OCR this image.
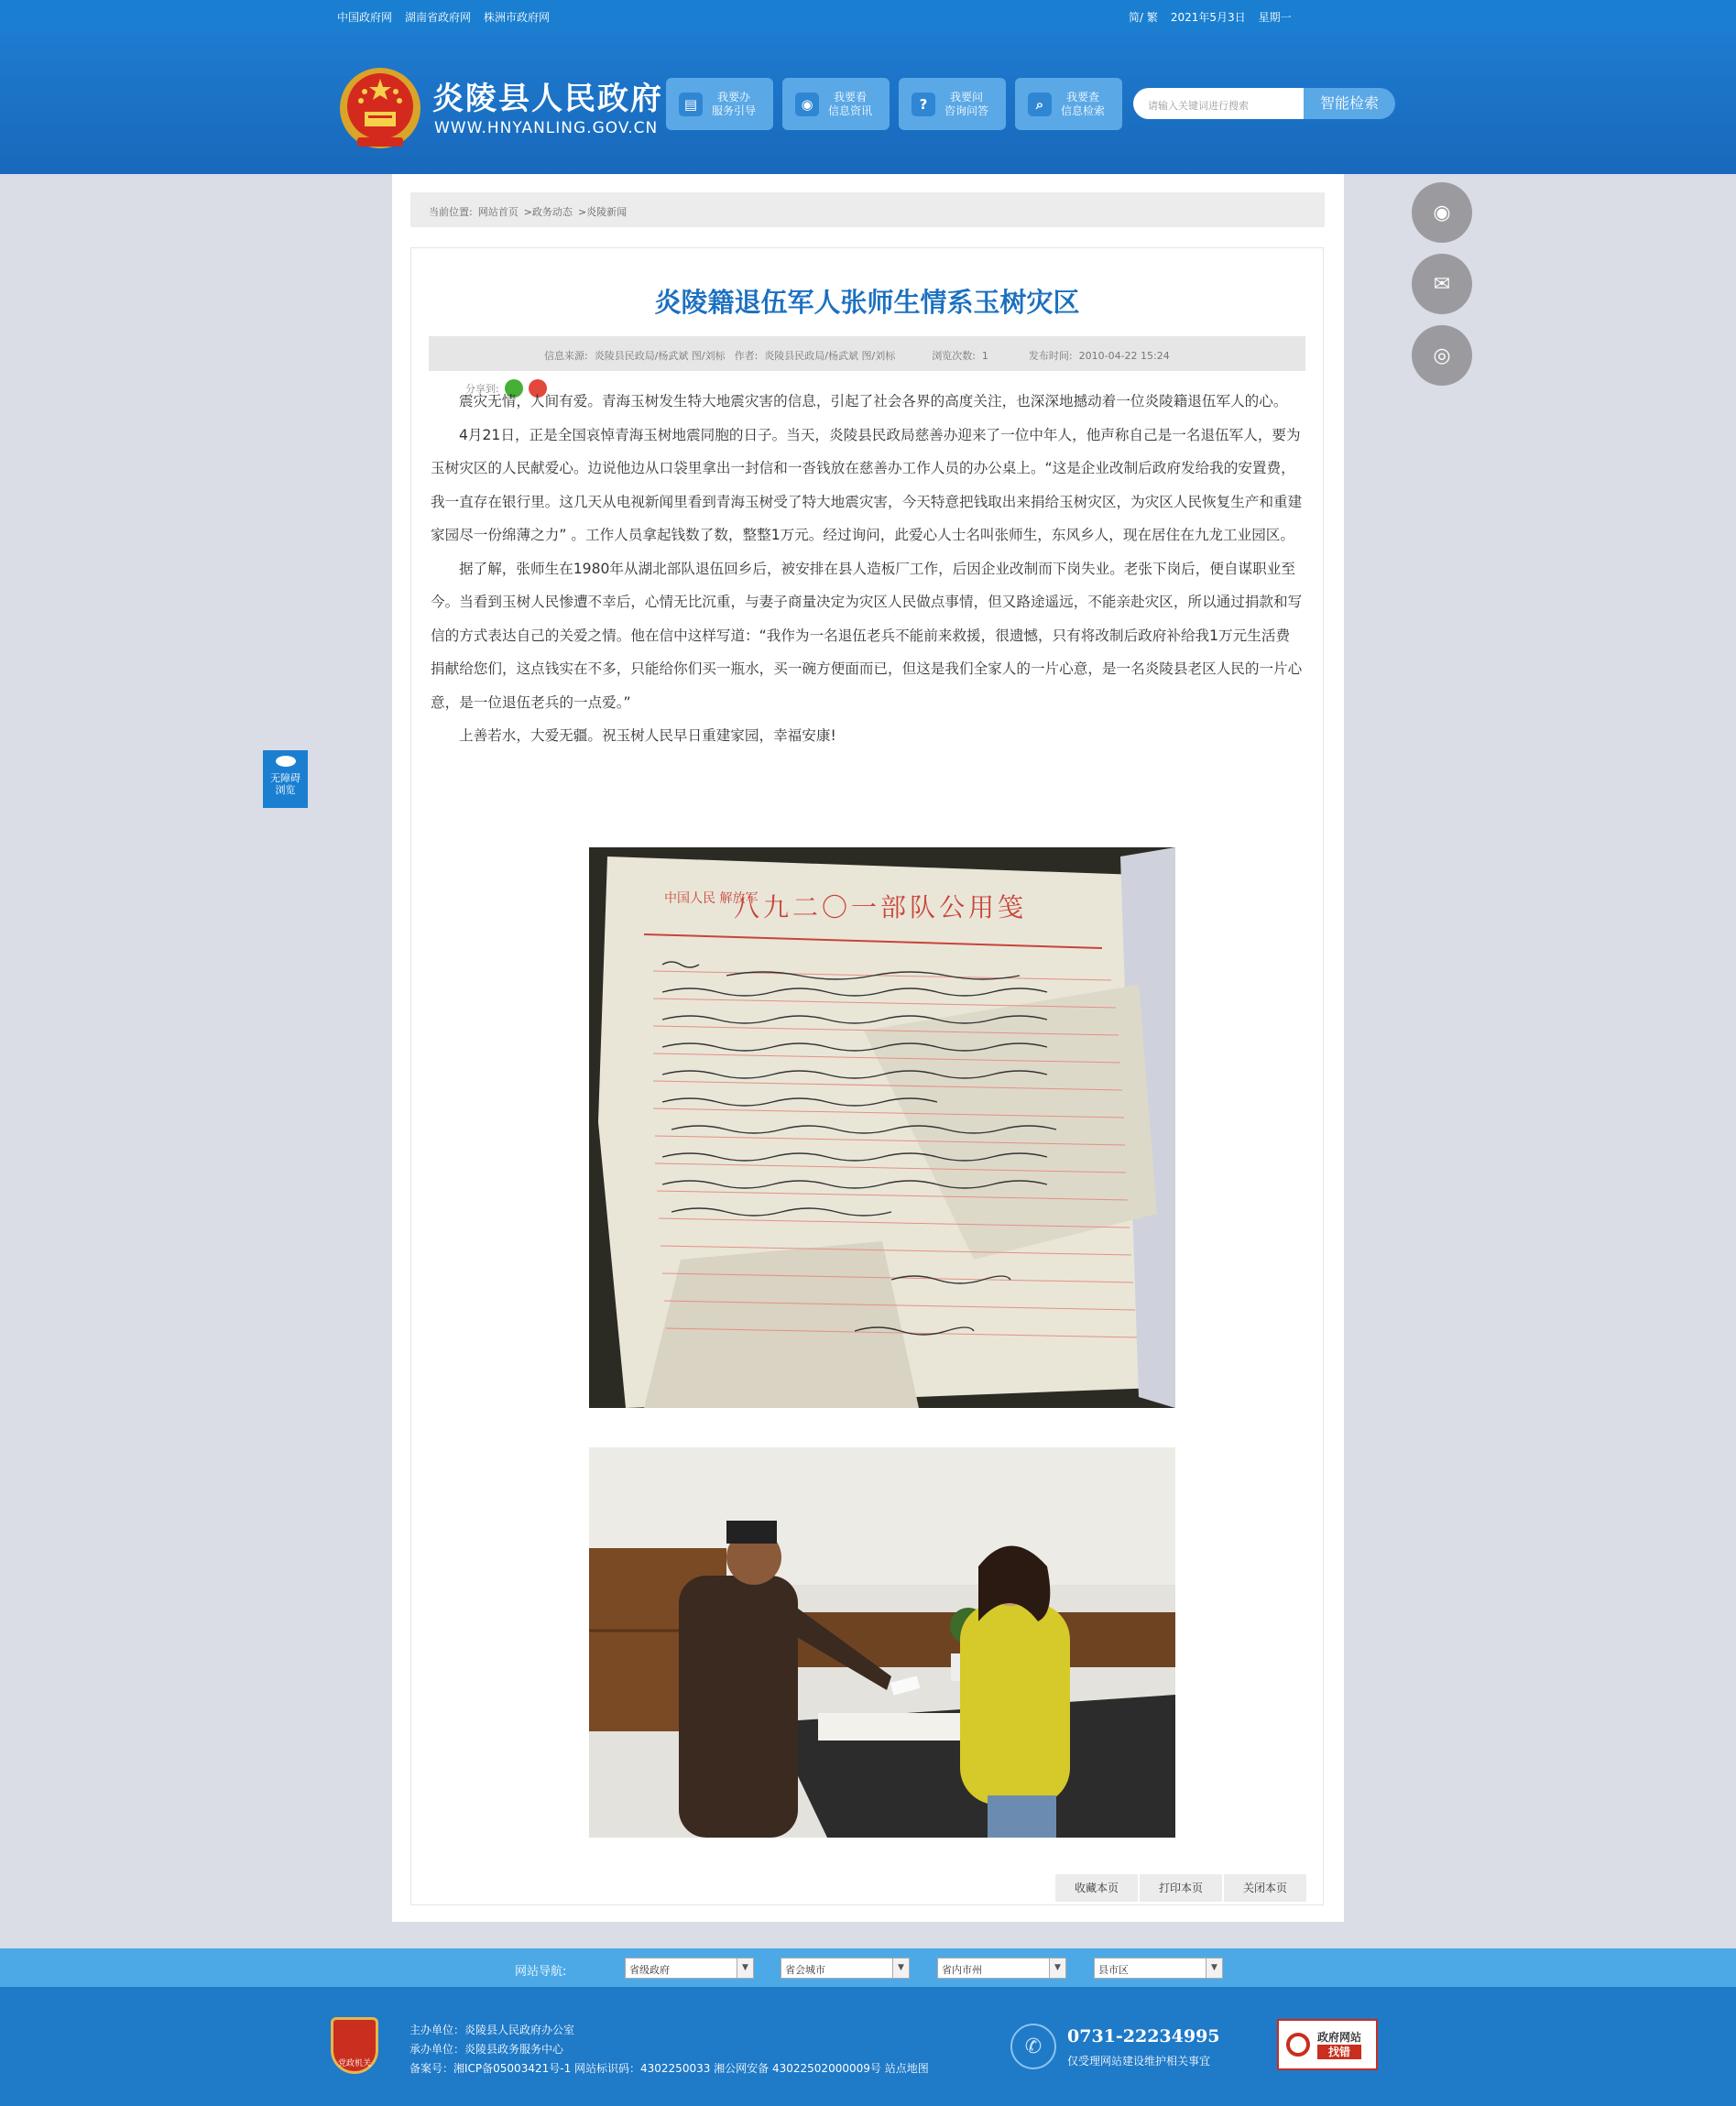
中国政府网 湖南省政府网 株洲市政府网	简/ 繁 2021年5月3日 星期一
炎陵县人民政府
WWW.HNYANLING.GOV.CN
▤	我要办
服务引导	◉	我要看
信息资讯	?	我要问
咨询问答	⌕	我要查
信息检索	请输入关键词进行搜索	智能检索
当前位置: 网站首页 >政务动态 >炎陵新闻
炎陵籍退伍军人张师生情系玉树灾区
信息来源:  炎陵县民政局/杨武斌 图/刘标 作者:  炎陵县民政局/杨武斌 图/刘标	浏览次数:  1	发布时间:  2010-04-22 15:24
分享到:

震灾无情，人间有爱。青海玉树发生特大地震灾害的信息，引起了社会各界的高度关注，也深深地撼动着一位炎陵籍退伍军人的心。

4月21日，正是全国哀悼青海玉树地震同胞的日子。当天，炎陵县民政局慈善办迎来了一位中年人，他声称自己是一名退伍军人，要为玉树灾区的人民献爱心。边说他边从口袋里拿出一封信和一沓钱放在慈善办工作人员的办公桌上。“这是企业改制后政府发给我的安置费，我一直存在银行里。这几天从电视新闻里看到青海玉树受了特大地震灾害，今天特意把钱取出来捐给玉树灾区，为灾区人民恢复生产和重建家园尽一份绵薄之力” 。工作人员拿起钱数了数，整整1万元。经过询问，此爱心人士名叫张师生，东风乡人，现在居住在九龙工业园区。

据了解，张师生在1980年从湖北部队退伍回乡后，被安排在县人造板厂工作，后因企业改制而下岗失业。老张下岗后，便自谋职业至今。当看到玉树人民惨遭不幸后，心情无比沉重，与妻子商量决定为灾区人民做点事情，但又路途遥远，不能亲赴灾区，所以通过捐款和写信的方式表达自己的关爱之情。他在信中这样写道：“我作为一名退伍老兵不能前来救援，很遗憾，只有将改制后政府补给我1万元生活费捐献给您们，这点钱实在不多，只能给你们买一瓶水，买一碗方便面而已，但这是我们全家人的一片心意，是一名炎陵县老区人民的一片心意，是一位退伍老兵的一点爱。”

上善若水，大爱无疆。祝玉树人民早日重建家园，幸福安康!

中国人民 解放军
八九二〇一部队公用笺
收藏本页	打印本页	关闭本页
◉
✉
◎
无障碍
浏览
网站导航:	省级政府	▼	省会城市	▼	省内市州	▼	县市区	▼
党政机关
主办单位：炎陵县人民政府办公室
承办单位：炎陵县政务服务中心
备案号：湘ICP备05003421号-1 网站标识码：4302250033 湘公网安备 43022502000009号 站点地图
✆	0731-22234995
仅受理网站建设维护相关事宜
政府网站
找错
